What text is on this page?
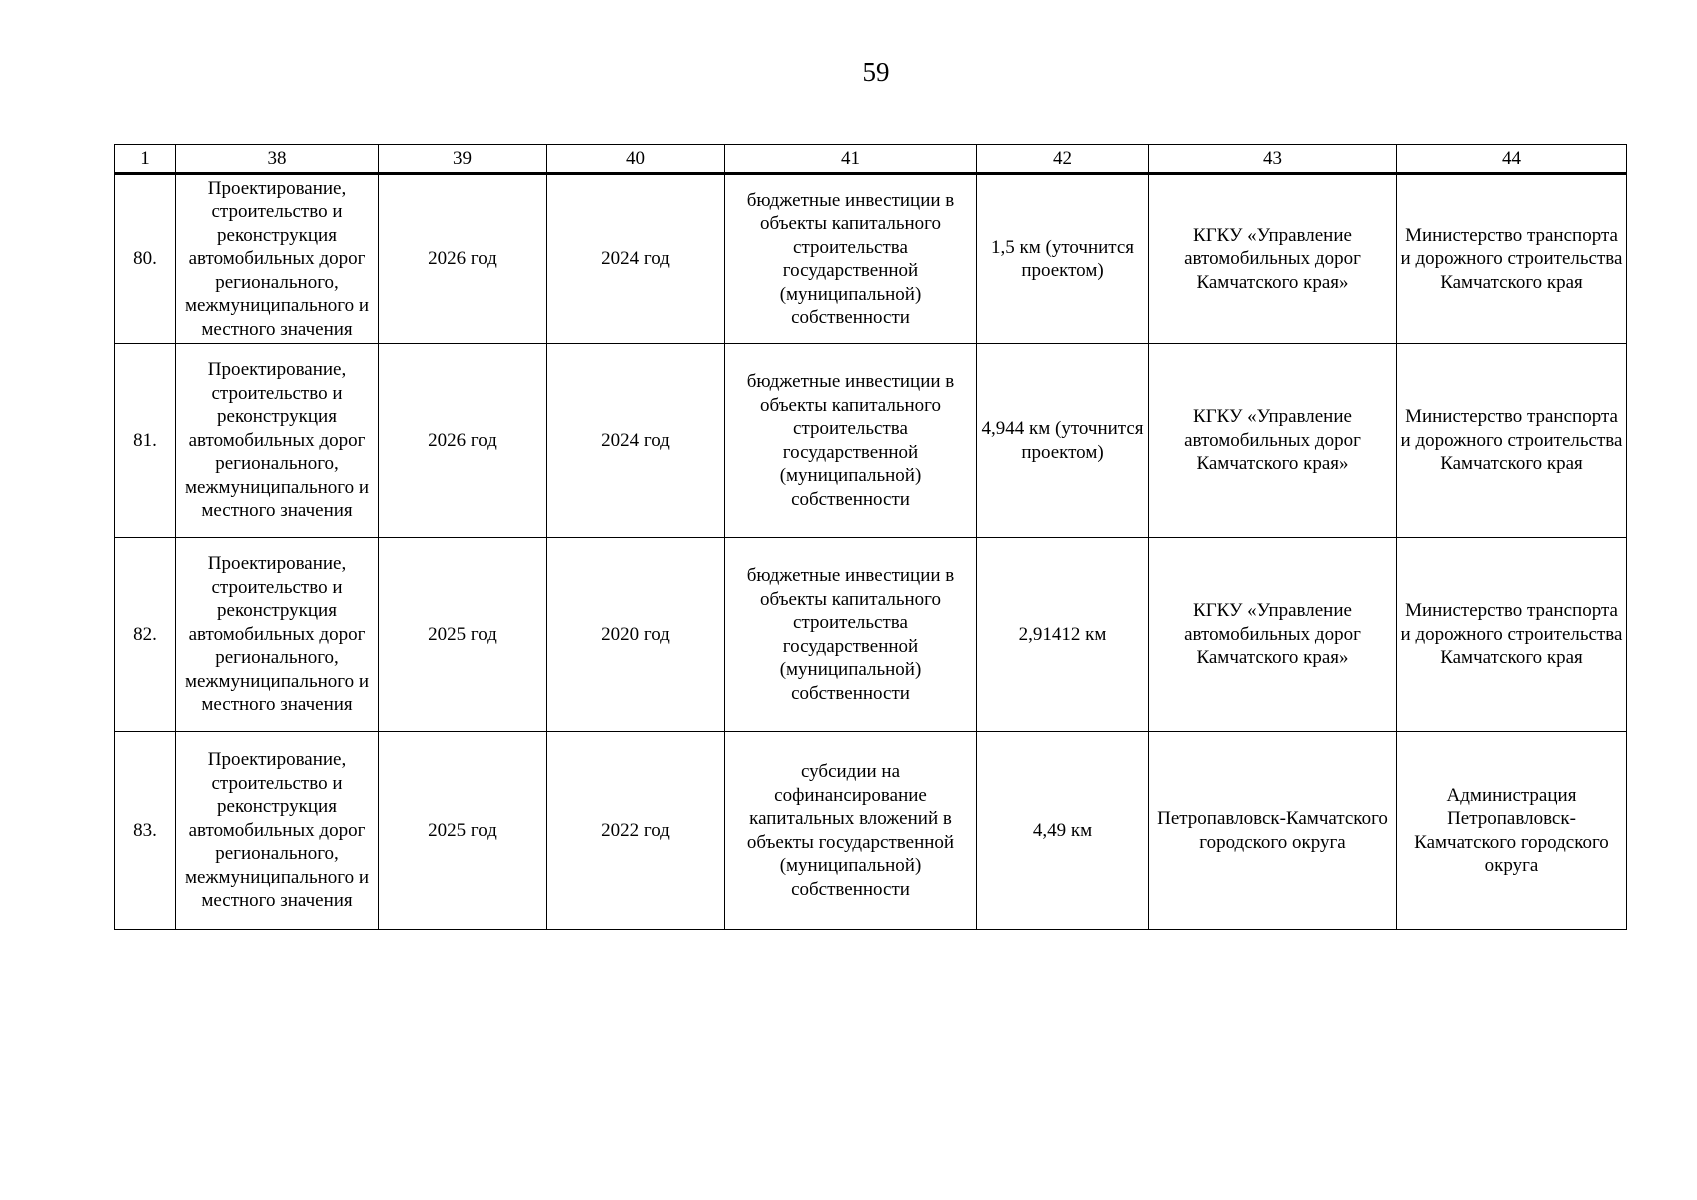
59
1	38	39	40	41	42	43	44
80.	Проектирование, строительство и реконструкция автомобильных дорог регионального, межмуниципального и местного значения	2026 год	2024 год	бюджетные инвестиции в объекты капитального строительства государственной (муниципальной) собственности	1,5 км (уточнится проектом)	КГКУ «Управление автомобильных дорог Камчатского края»	Министерство транспорта и дорожного строительства Камчатского края
81.	Проектирование, строительство и реконструкция автомобильных дорог регионального, межмуниципального и местного значения	2026 год	2024 год	бюджетные инвестиции в объекты капитального строительства государственной (муниципальной) собственности	4,944 км (уточнится проектом)	КГКУ «Управление автомобильных дорог Камчатского края»	Министерство транспорта и дорожного строительства Камчатского края
82.	Проектирование, строительство и реконструкция автомобильных дорог регионального, межмуниципального и местного значения	2025 год	2020 год	бюджетные инвестиции в объекты капитального строительства государственной (муниципальной) собственности	2,91412 км	КГКУ «Управление автомобильных дорог Камчатского края»	Министерство транспорта и дорожного строительства Камчатского края
83.	Проектирование, строительство и реконструкция автомобильных дорог регионального, межмуниципального и местного значения	2025 год	2022 год	субсидии на софинансирование капитальных вложений в объекты государственной (муниципальной) собственности	4,49 км	Петропавловск-Камчатского городского округа	Администрация Петропавловск-Камчатского городского округа
